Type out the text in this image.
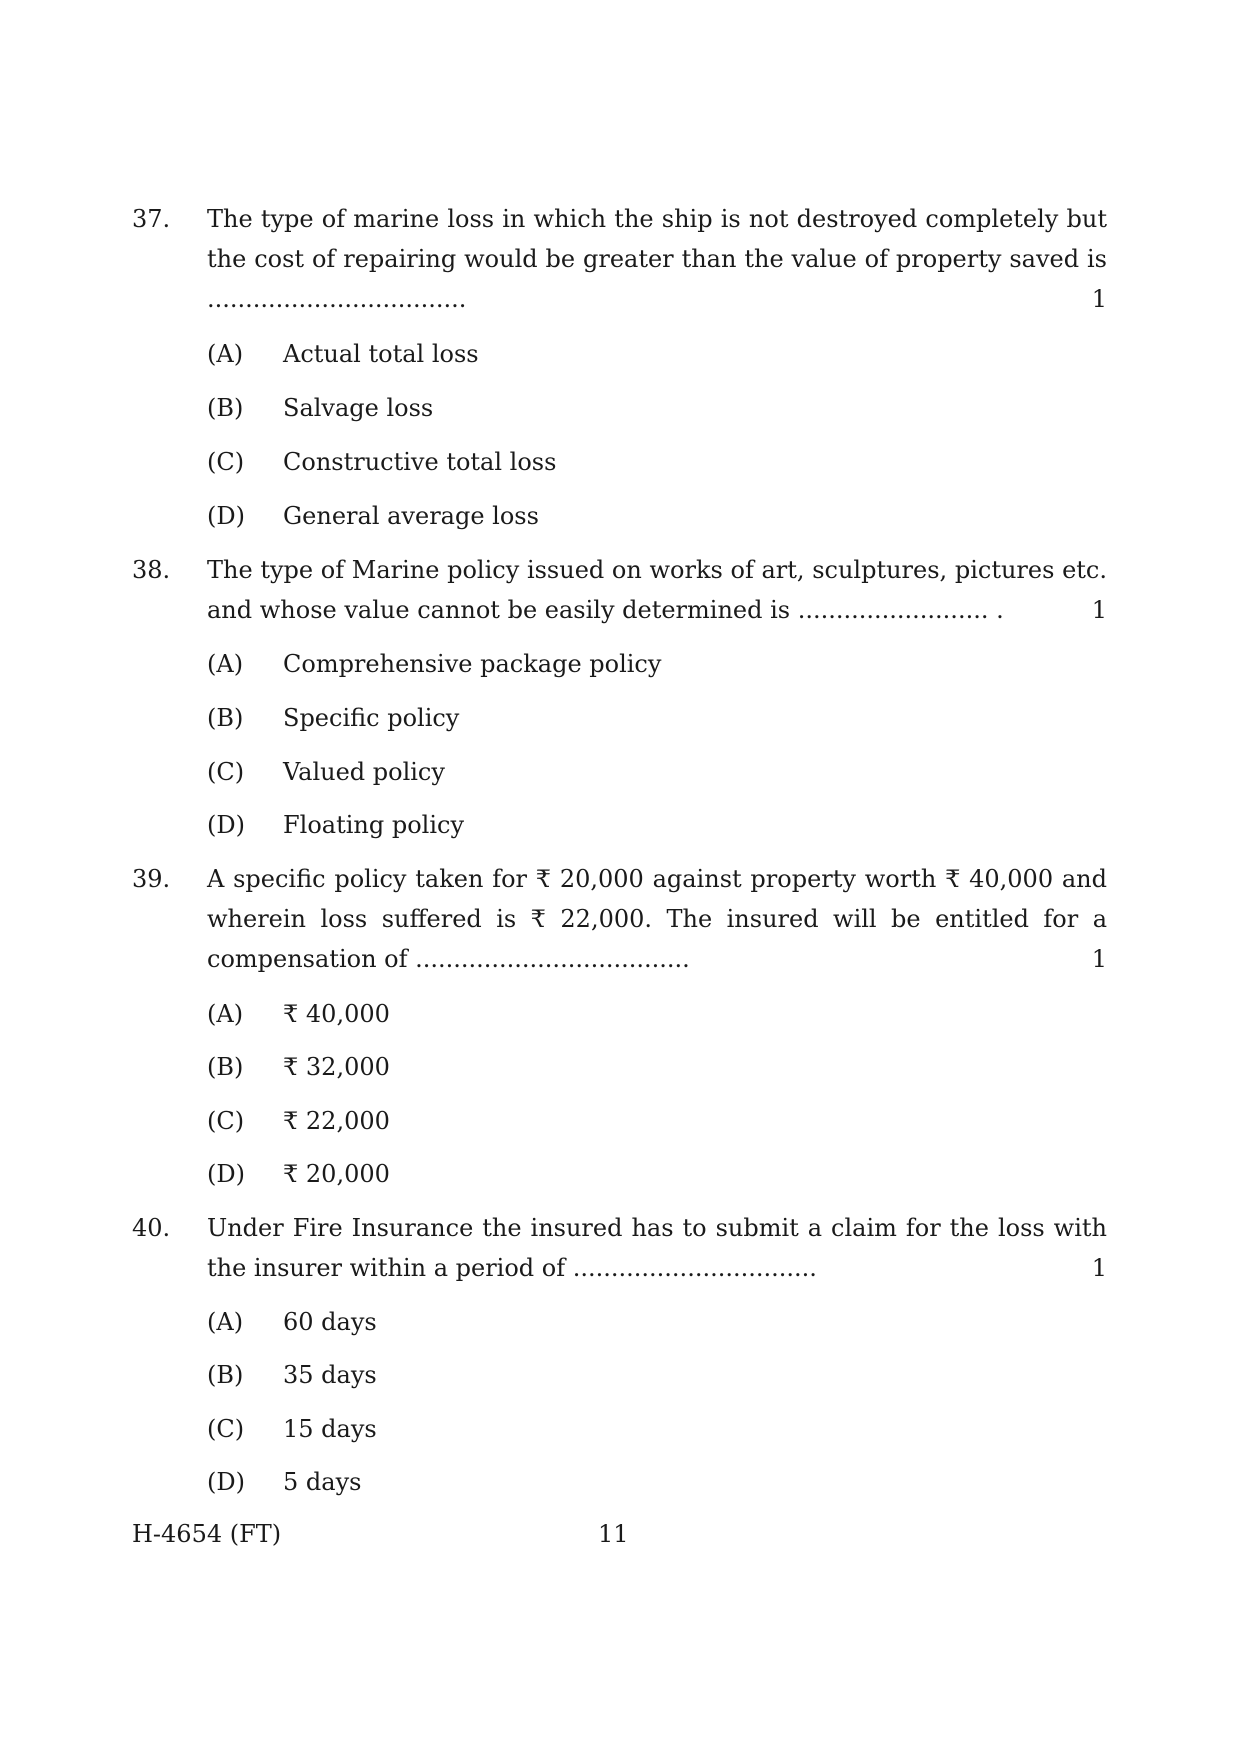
37. The type of marine loss in which the ship is not destroyed completely but the cost of repairing would be greater than the value of property saved is ..................................	1
(A) Actual total loss
(B) Salvage loss
(C) Constructive total loss
(D) General average loss
38. The type of Marine policy issued on works of art, sculptures, pictures etc. and whose value cannot be easily determined is ......................... .	1
(A) Comprehensive package policy
(B) Specific policy
(C) Valued policy
(D) Floating policy
39. A specific policy taken for ₹ 20,000 against property worth ₹ 40,000 and wherein loss suffered is ₹ 22,000. The insured will be entitled for a compensation of ....................................	1
(A) ₹ 40,000
(B) ₹ 32,000
(C) ₹ 22,000
(D) ₹ 20,000
40. Under Fire Insurance the insured has to submit a claim for the loss with the insurer within a period of ................................	1
(A) 60 days
(B) 35 days
(C) 15 days
(D) 5 days
H-4654 (FT)	11
